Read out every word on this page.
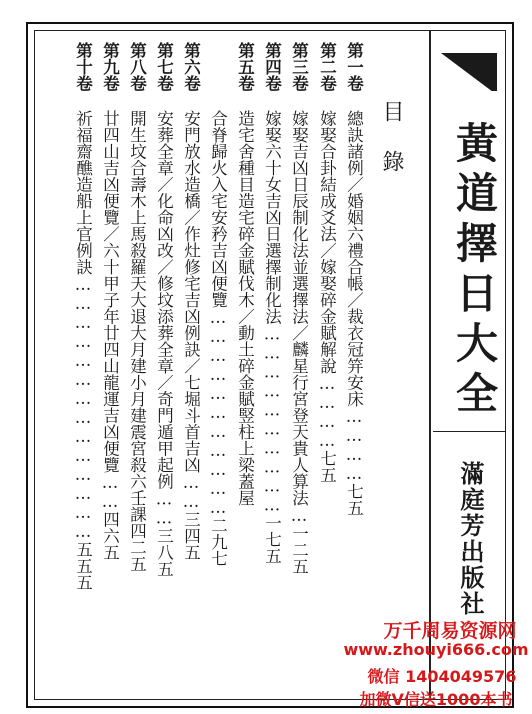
黃道擇日大全
滿庭芳出版社
目錄
第一卷
總訣諸例／婚姻六禮合帳／裁衣冠笄安床…………七五
第二卷
嫁娶合卦結成爻法／嫁娶碎金賦解說…………七五
第三卷
嫁娶吉凶日辰制化法並選擇法／麟星行宮登天貴人算法…一二五
第四卷
嫁娶六十女吉凶日選擇制化法…………………………一七五
第五卷
造宅舍種目造宅碎金賦伐木／動土碎金賦竪柱上梁蓋屋
合脊歸火入宅安矜吉凶便覽……………………………二九七
第六卷
安門放水造橋／作灶修宅吉凶例訣／七堀斗首吉凶……三四五
第七卷
安葬全章／化命凶改／修坟添葬全章／奇門遁甲起例……三八五
第八卷
開生坟合壽木上馬殺羅天大退大月建小月建震宮殺六壬課四二五
第九卷
廿四山吉凶便覽／六十甲子年廿四山龍運吉凶便覽……四六五
第十卷
祈福齋醮造船上官例訣……………………………………五五五
万千周易资源网
www.zhouyi666.com
微信 1404049576
加微V信送1000本书
